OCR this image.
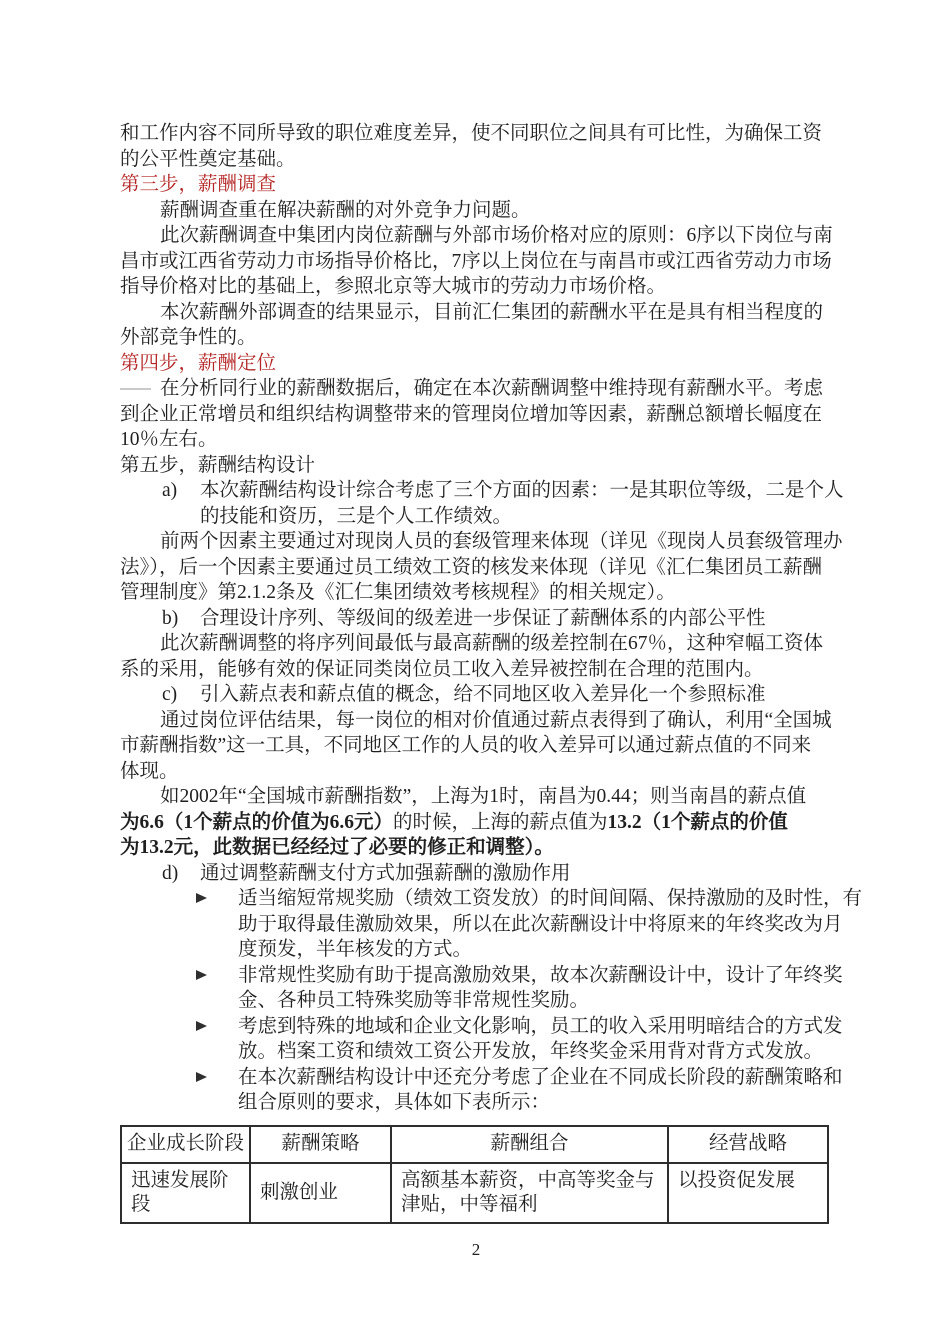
和工作内容不同所导致的职位难度差异，使不同职位之间具有可比性，为确保工资

的公平性奠定基础。

第三步，薪酬调查

薪酬调查重在解决薪酬的对外竞争力问题。

此次薪酬调查中集团内岗位薪酬与外部市场价格对应的原则：6序以下岗位与南

昌市或江西省劳动力市场指导价格比，7序以上岗位在与南昌市或江西省劳动力市场

指导价格对比的基础上，参照北京等大城市的劳动力市场价格。

本次薪酬外部调查的结果显示，目前汇仁集团的薪酬水平在是具有相当程度的

外部竞争性的。

第四步，薪酬定位

在分析同行业的薪酬数据后，确定在本次薪酬调整中维持现有薪酬水平。考虑

到企业正常增员和组织结构调整带来的管理岗位增加等因素，薪酬总额增长幅度在

10％左右。

第五步，薪酬结构设计

a) 本次薪酬结构设计综合考虑了三个方面的因素：一是其职位等级，二是个人

的技能和资历，三是个人工作绩效。

前两个因素主要通过对现岗人员的套级管理来体现（详见《现岗人员套级管理办

法》），后一个因素主要通过员工绩效工资的核发来体现（详见《汇仁集团员工薪酬

管理制度》第2.1.2条及《汇仁集团绩效考核规程》的相关规定）。

b) 合理设计序列、等级间的级差进一步保证了薪酬体系的内部公平性

此次薪酬调整的将序列间最低与最高薪酬的级差控制在67％，这种窄幅工资体

系的采用，能够有效的保证同类岗位员工收入差异被控制在合理的范围内。

c) 引入薪点表和薪点值的概念，给不同地区收入差异化一个参照标准

通过岗位评估结果，每一岗位的相对价值通过薪点表得到了确认，利用“全国城

市薪酬指数”这一工具，不同地区工作的人员的收入差异可以通过薪点值的不同来

体现。

如2002年“全国城市薪酬指数”，上海为1时，南昌为0.44；则当南昌的薪点值

为6.6（1个薪点的价值为6.6元）的时候，上海的薪点值为13.2（1个薪点的价值

为13.2元，此数据已经经过了必要的修正和调整）。

d) 通过调整薪酬支付方式加强薪酬的激励作用

适当缩短常规奖励（绩效工资发放）的时间间隔、保持激励的及时性，有

助于取得最佳激励效果，所以在此次薪酬设计中将原来的年终奖改为月

度预发，半年核发的方式。

非常规性奖励有助于提高激励效果，故本次薪酬设计中，设计了年终奖

金、各种员工特殊奖励等非常规性奖励。

考虑到特殊的地域和企业文化影响，员工的收入采用明暗结合的方式发

放。档案工资和绩效工资公开发放，年终奖金采用背对背方式发放。

在本次薪酬结构设计中还充分考虑了企业在不同成长阶段的薪酬策略和

组合原则的要求，具体如下表所示：

企业成长阶段	薪酬策略	薪酬组合	经营战略
迅速发展阶段	刺激创业	高额基本薪资，中高等奖金与津贴，中等福利	以投资促发展
2
